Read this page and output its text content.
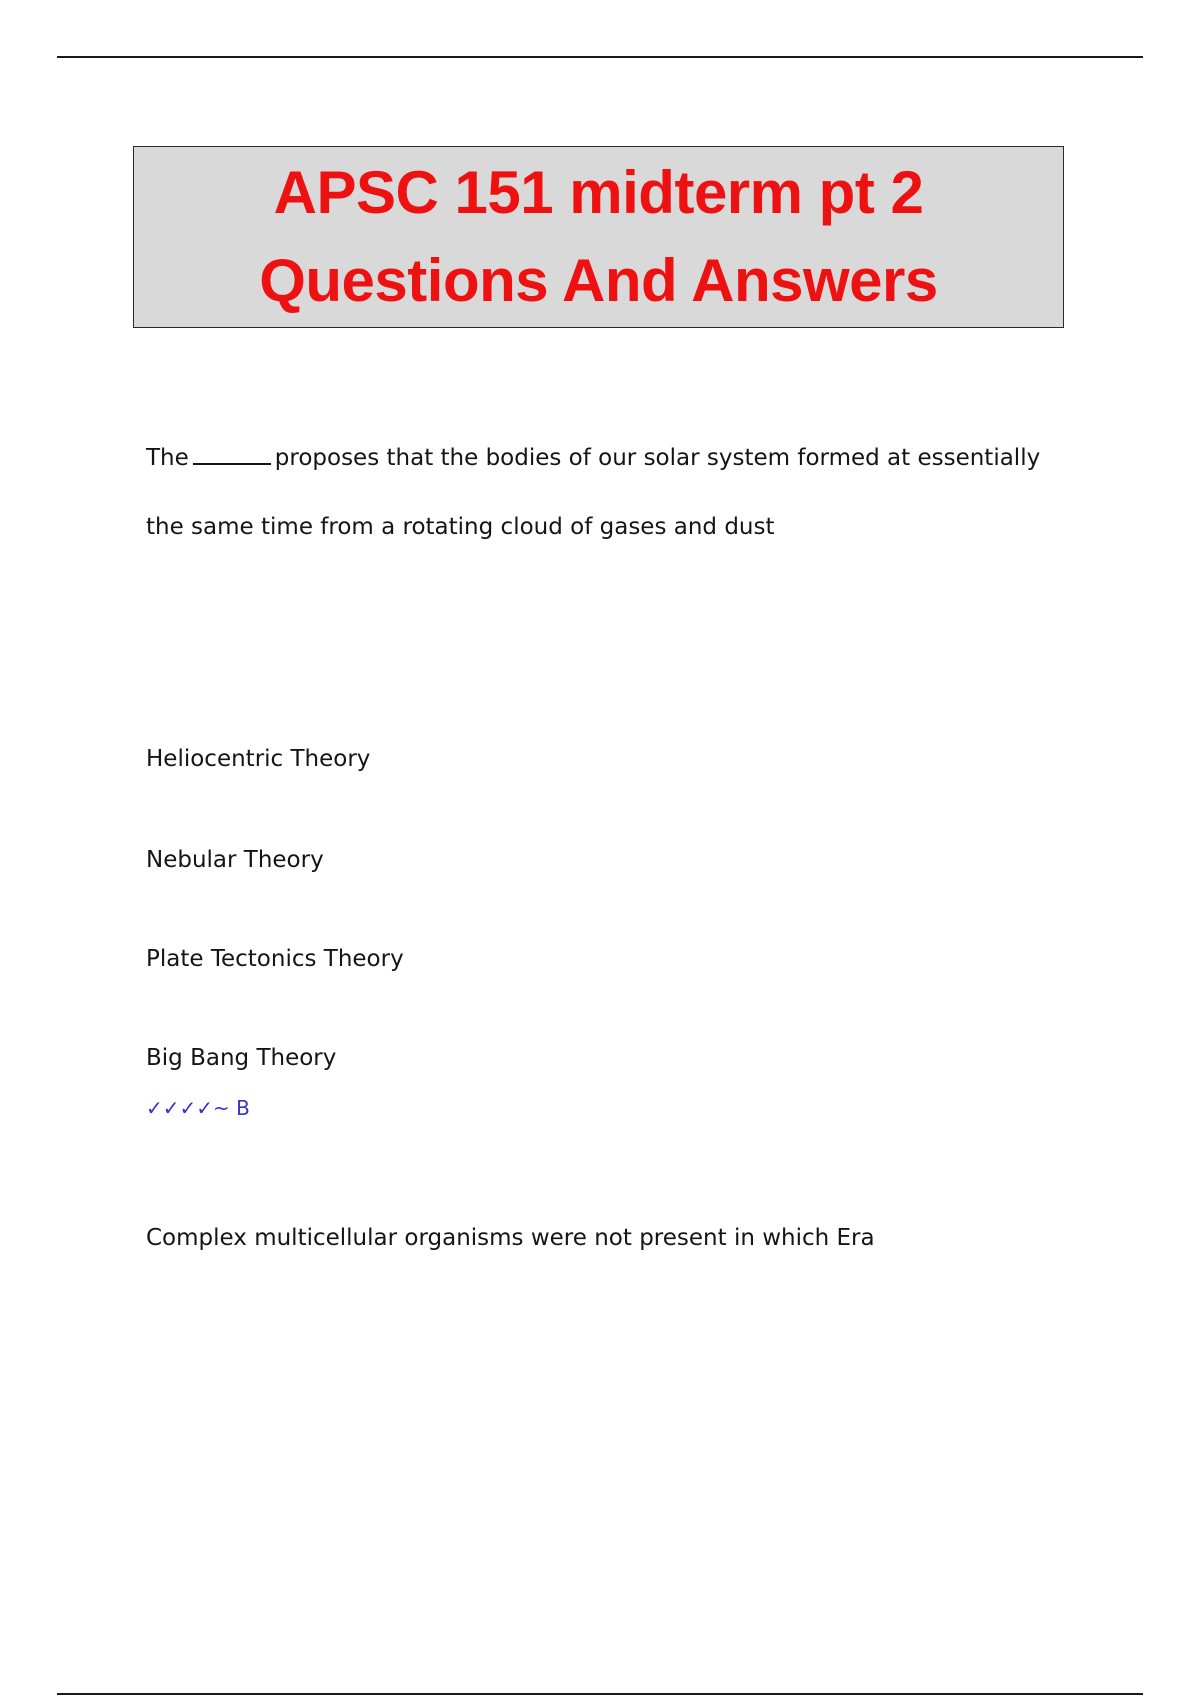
APSC 151 midterm pt 2
Questions And Answers
The	proposes that the bodies of our solar system formed at essentially
the same time from a rotating cloud of gases and dust
Heliocentric Theory
Nebular Theory
Plate Tectonics Theory
Big Bang Theory
✓✓✓✓~ B
Complex multicellular organisms were not present in which Era
